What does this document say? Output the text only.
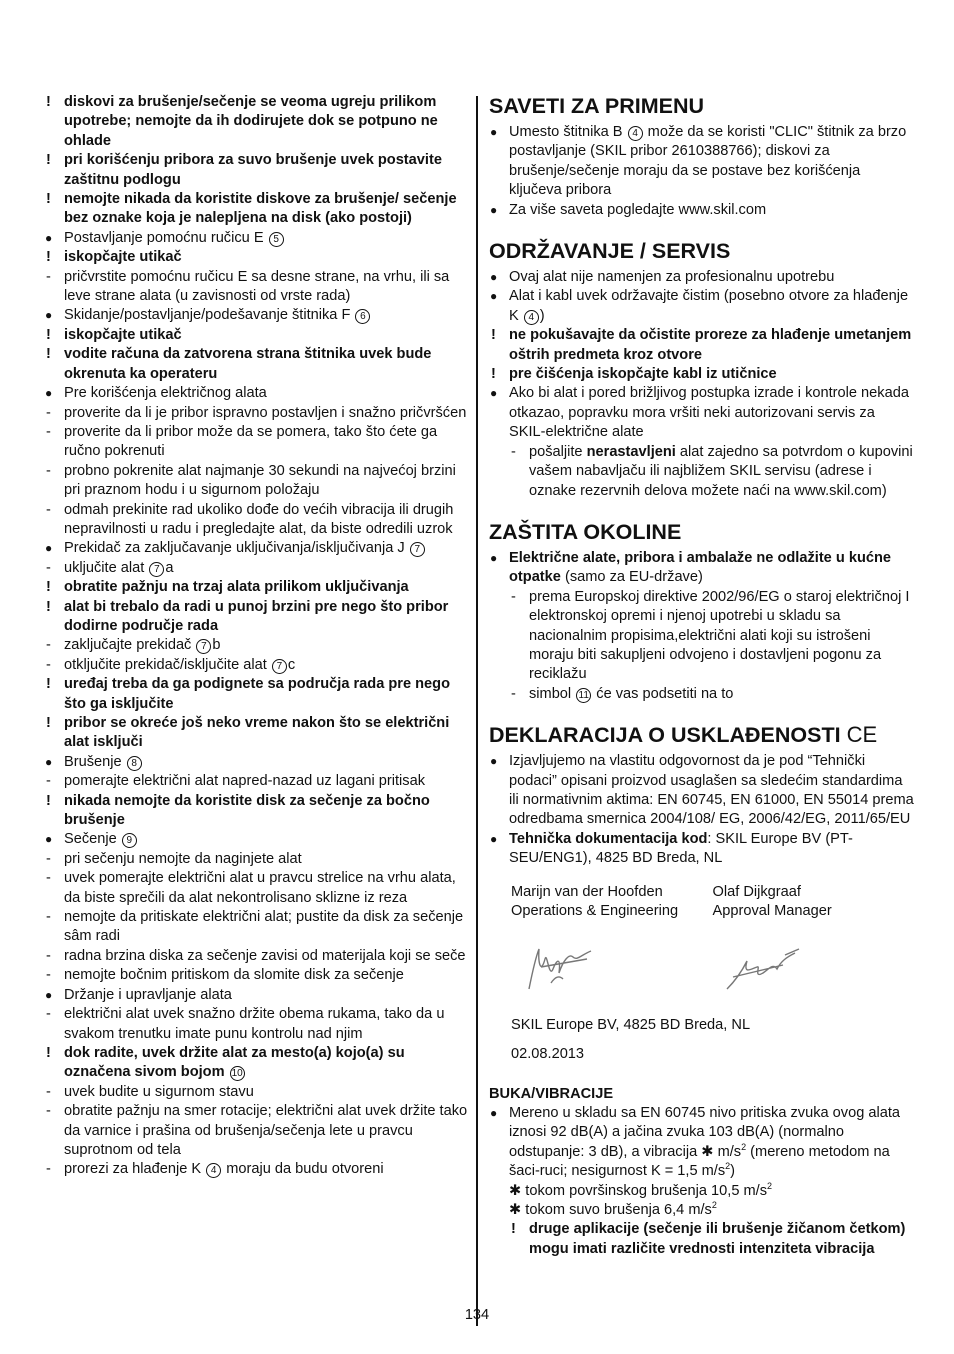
! diskovi za brušenje/sečenje se veoma ugreju prilikom upotrebe; nemojte da ih dodirujete dok se potpuno ne ohlade

! pri korišćenju pribora za suvo brušenje uvek postavite zaštitnu podlogu

! nemojte nikada da koristite diskove za brušenje/ sečenje bez oznake koja je nalepljena na disk (ako postoji)

● Postavljanje pomoćnu ručicu E 5

! iskopčajte utikač

- pričvrstite pomoćnu ručicu E sa desne strane, na vrhu, ili sa leve strane alata (u zavisnosti od vrste rada)

● Skidanje/postavljanje/podešavanje štitnika F 6

! iskopčajte utikač

! vodite računa da zatvorena strana štitnika uvek bude okrenuta ka operateru

● Pre korišćenja električnog alata

- proverite da li je pribor ispravno postavljen i snažno pričvršćen

- proverite da li pribor može da se pomera, tako što ćete ga ručno pokrenuti

- probno pokrenite alat najmanje 30 sekundi na najvećoj brzini pri praznom hodu i u sigurnom položaju

- odmah prekinite rad ukoliko dođe do većih vibracija ili drugih nepravilnosti u radu i pregledajte alat, da biste odredili uzrok

● Prekidač za zaključavanje uključivanja/isključivanja J 7

- uključite alat 7 a

! obratite pažnju na trzaj alata prilikom uključivanja

! alat bi trebalo da radi u punoj brzini pre nego što pribor dodirne područje rada

- zaključajte prekidač 7 b

- otključite prekidač/isključite alat 7 c

! uređaj treba da ga podignete sa područja rada pre nego što ga isključite

! pribor se okreće još neko vreme nakon što se električni alat isključi

● Brušenje 8

- pomerajte električni alat napred-nazad uz lagani pritisak

! nikada nemojte da koristite disk za sečenje za bočno brušenje

● Sečenje 9

- pri sečenju nemojte da naginjete alat

- uvek pomerajte električni alat u pravcu strelice na vrhu alata, da biste sprečili da alat nekontrolisano sklizne iz reza

- nemojte da pritiskate električni alat; pustite da disk za sečenje sâm radi

- radna brzina diska za sečenje zavisi od materijala koji se seče

- nemojte bočnim pritiskom da slomite disk za sečenje

● Držanje i upravljanje alata

- električni alat uvek snažno držite obema rukama, tako da u svakom trenutku imate punu kontrolu nad njim

! dok radite, uvek držite alat za mesto(a) kojo(a) su označena sivom bojom 10

- uvek budite u sigurnom stavu

- obratite pažnju na smer rotacije; električni alat uvek držite tako da varnice i prašina od brušenja/sečenja lete u pravcu suprotnom od tela

- prorezi za hlađenje K 4 moraju da budu otvoreni

SAVETI ZA PRIMENU

● Umesto štitnika B 4 može da se koristi "CLIC" štitnik za brzo postavljanje (SKIL pribor 2610388766); diskovi za brušenje/sečenje moraju da se postave bez korišćenja ključeva pribora

● Za više saveta pogledajte www.skil.com

ODRŽAVANJE / SERVIS

● Ovaj alat nije namenjen za profesionalnu upotrebu

● Alat i kabl uvek održavajte čistim (posebno otvore za hlađenje K 4 )

! ne pokušavajte da očistite proreze za hlađenje umetanjem oštrih predmeta kroz otvore

! pre čišćenja iskopčajte kabl iz utičnice

● Ako bi alat i pored brižljivog postupka izrade i kontrole nekada otkazao, popravku mora vršiti neki autorizovani servis za SKIL-električne alate

- pošaljite nerastavljeni alat zajedno sa potvrdom o kupovini vašem nabavljaču ili najbližem SKIL servisu (adrese i oznake rezervnih delova možete naći na www.skil.com)

ZAŠTITA OKOLINE

● Električne alate, pribora i ambalaže ne odlažite u kućne otpatke (samo za EU-države)

- prema Europskoj direktive 2002/96/EG o staroj električnoj I elektronskoj opremi i njenoj upotrebi u skladu sa nacionalnim propisima,električni alati koji su istrošeni moraju biti sakupljeni odvojeno i dostavljeni pogonu za reciklažu

- simbol 11 će vas podsetiti na to

DEKLARACIJA O USKLAĐENOSTI CE

● Izjavljujemo na vlastitu odgovornost da je pod “Tehnički podaci” opisani proizvod usaglašen sa sledećim standardima ili normativnim aktima: EN 60745, EN 61000, EN 55014 prema odredbama smernica 2004/108/ EG, 2006/42/EG, 2011/65/EU

● Tehnička dokumentacija kod: SKIL Europe BV (PT-SEU/ENG1), 4825 BD Breda, NL

Marijn van der Hoofden
Operations & Engineering
Olaf Dijkgraaf
Approval Manager
SKIL Europe BV, 4825 BD Breda, NL
02.08.2013
BUKA/VIBRACIJE

● Mereno u skladu sa EN 60745 nivo pritiska zvuka ovog alata iznosi 92 dB(A) a jačina zvuka 103 dB(A) (normalno odstupanje: 3 dB), a vibracija ✱ $m/s^2$ (mereno metodom na šaci-ruci; nesigurnost K = 1,5 $m/s^2$)
✱ tokom površinskog brušenja 10,5 $m/s^2$
✱ tokom suvo brušenja 6,4 $m/s^2$

! druge aplikacije (sečenje ili brušenje žičanom četkom) mogu imati različite vrednosti intenziteta vibracija

134
